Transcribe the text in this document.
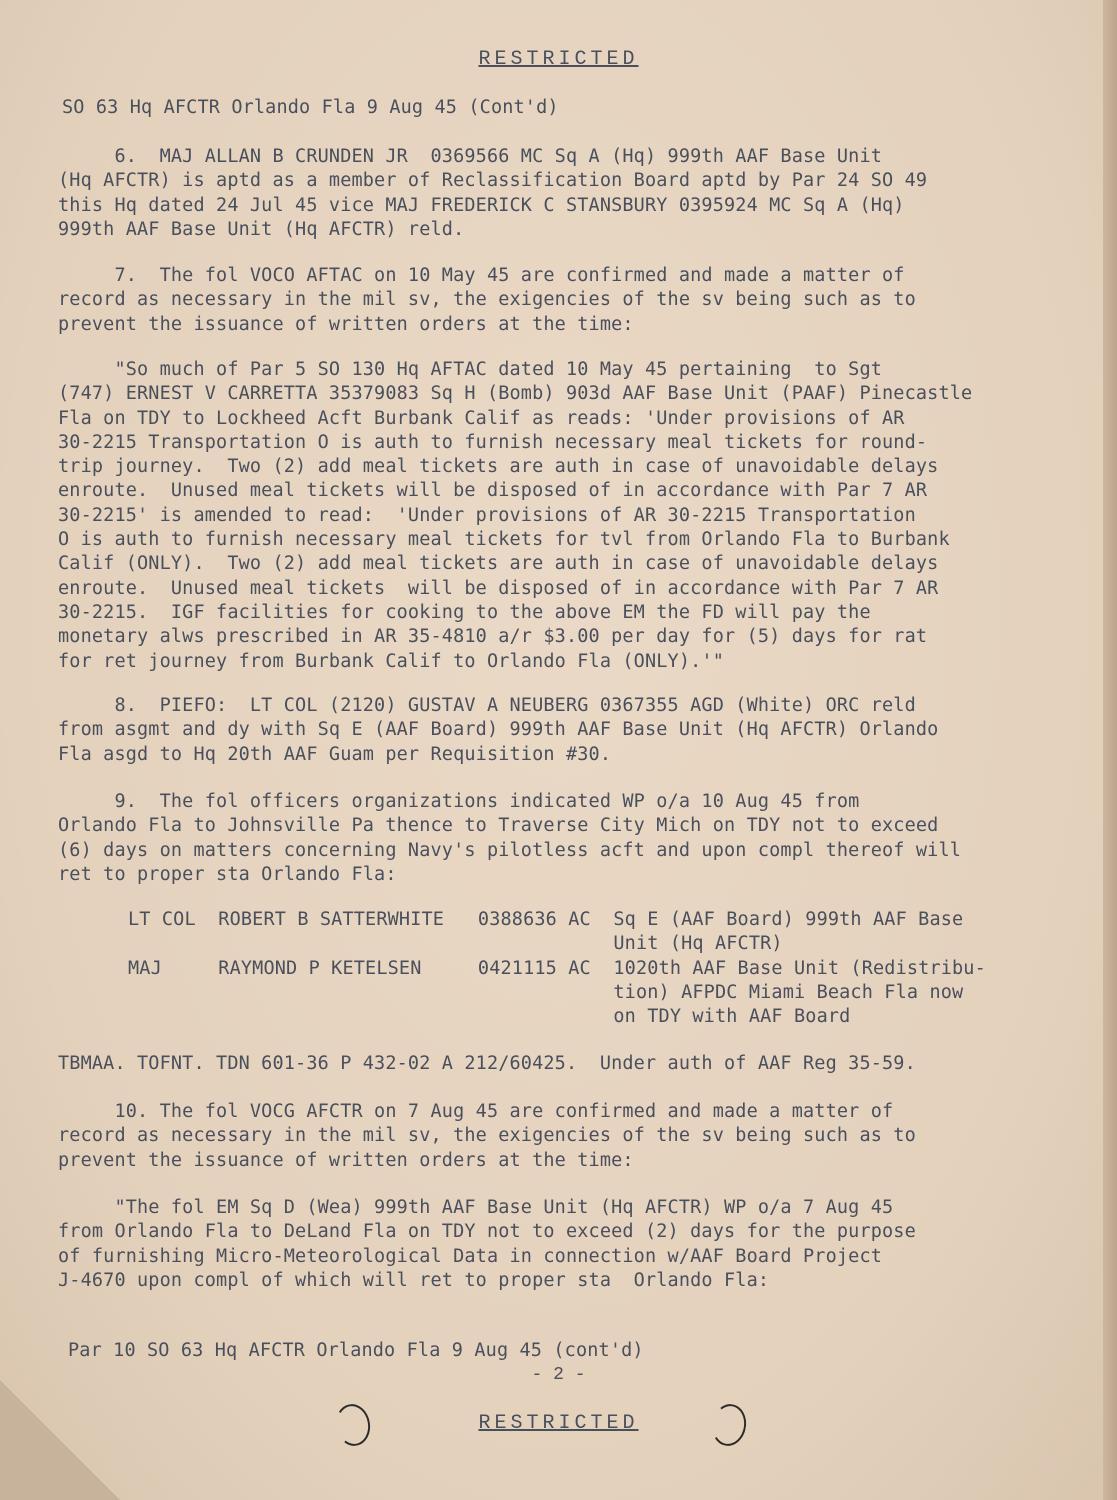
RESTRICTED
SO 63 Hq AFCTR Orlando Fla 9 Aug 45 (Cont'd)
6.  MAJ ALLAN B CRUNDEN JR  0369566 MC Sq A (Hq) 999th AAF Base Unit
(Hq AFCTR) is aptd as a member of Reclassification Board aptd by Par 24 SO 49
this Hq dated 24 Jul 45 vice MAJ FREDERICK C STANSBURY 0395924 MC Sq A (Hq)
999th AAF Base Unit (Hq AFCTR) reld.
7.  The fol VOCO AFTAC on 10 May 45 are confirmed and made a matter of
record as necessary in the mil sv, the exigencies of the sv being such as to
prevent the issuance of written orders at the time:
"So much of Par 5 SO 130 Hq AFTAC dated 10 May 45 pertaining  to Sgt
(747) ERNEST V CARRETTA 35379083 Sq H (Bomb) 903d AAF Base Unit (PAAF) Pinecastle
Fla on TDY to Lockheed Acft Burbank Calif as reads: 'Under provisions of AR
30-2215 Transportation O is auth to furnish necessary meal tickets for round-
trip journey.  Two (2) add meal tickets are auth in case of unavoidable delays
enroute.  Unused meal tickets will be disposed of in accordance with Par 7 AR
30-2215' is amended to read:  'Under provisions of AR 30-2215 Transportation
O is auth to furnish necessary meal tickets for tvl from Orlando Fla to Burbank
Calif (ONLY).  Two (2) add meal tickets are auth in case of unavoidable delays
enroute.  Unused meal tickets  will be disposed of in accordance with Par 7 AR
30-2215.  IGF facilities for cooking to the above EM the FD will pay the
monetary alws prescribed in AR 35-4810 a/r $3.00 per day for (5) days for rat
for ret journey from Burbank Calif to Orlando Fla (ONLY).'"
8.  PIEFO:  LT COL (2120) GUSTAV A NEUBERG 0367355 AGD (White) ORC reld
from asgmt and dy with Sq E (AAF Board) 999th AAF Base Unit (Hq AFCTR) Orlando
Fla asgd to Hq 20th AAF Guam per Requisition #30.
9.  The fol officers organizations indicated WP o/a 10 Aug 45 from
Orlando Fla to Johnsville Pa thence to Traverse City Mich on TDY not to exceed
(6) days on matters concerning Navy's pilotless acft and upon compl thereof will
ret to proper sta Orlando Fla:
LT COL  ROBERT B SATTERWHITE   0388636 AC  Sq E (AAF Board) 999th AAF Base
Unit (Hq AFCTR)
MAJ     RAYMOND P KETELSEN     0421115 AC  1020th AAF Base Unit (Redistribu-
tion) AFPDC Miami Beach Fla now
on TDY with AAF Board
TBMAA. TOFNT. TDN 601-36 P 432-02 A 212/60425.  Under auth of AAF Reg 35-59.
10. The fol VOCG AFCTR on 7 Aug 45 are confirmed and made a matter of
record as necessary in the mil sv, the exigencies of the sv being such as to
prevent the issuance of written orders at the time:
"The fol EM Sq D (Wea) 999th AAF Base Unit (Hq AFCTR) WP o/a 7 Aug 45
from Orlando Fla to DeLand Fla on TDY not to exceed (2) days for the purpose
of furnishing Micro-Meteorological Data in connection w/AAF Board Project
J-4670 upon compl of which will ret to proper sta  Orlando Fla:
Par 10 SO 63 Hq AFCTR Orlando Fla 9 Aug 45 (cont'd)
- 2 -
RESTRICTED
